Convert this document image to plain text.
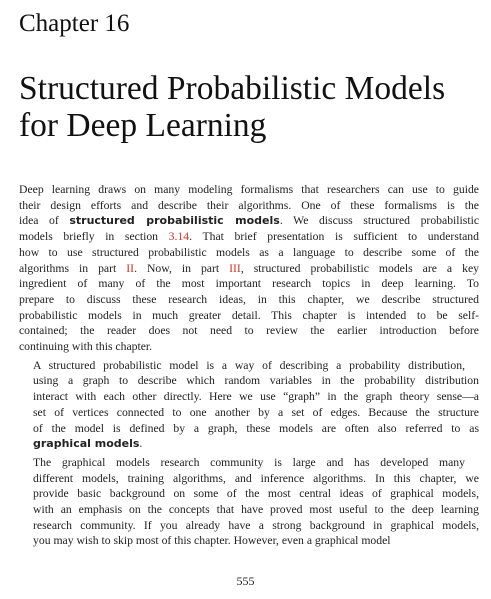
Chapter 16
Structured Probabilistic Models
for Deep Learning

Deep learning draws on many modeling formalisms that researchers can use to guide
their design efforts and describe their algorithms. One of these formalisms is the
idea of structured probabilistic models. We discuss structured probabilistic
models briefly in section 3.14. That brief presentation is sufficient to understand
how to use structured probabilistic models as a language to describe some of the
algorithms in part II. Now, in part III, structured probabilistic models are a key
ingredient of many of the most important research topics in deep learning. To
prepare to discuss these research ideas, in this chapter, we describe structured
probabilistic models in much greater detail. This chapter is intended to be self-
contained; the reader does not need to review the earlier introduction before
continuing with this chapter.

A structured probabilistic model is a way of describing a probability distribution,
using a graph to describe which random variables in the probability distribution
interact with each other directly. Here we use “graph” in the graph theory sense—a
set of vertices connected to one another by a set of edges. Because the structure
of the model is defined by a graph, these models are often also referred to as
graphical models.

The graphical models research community is large and has developed many
different models, training algorithms, and inference algorithms. In this chapter, we
provide basic background on some of the most central ideas of graphical models,
with an emphasis on the concepts that have proved most useful to the deep learning
research community. If you already have a strong background in graphical models,
you may wish to skip most of this chapter. However, even a graphical model

555
